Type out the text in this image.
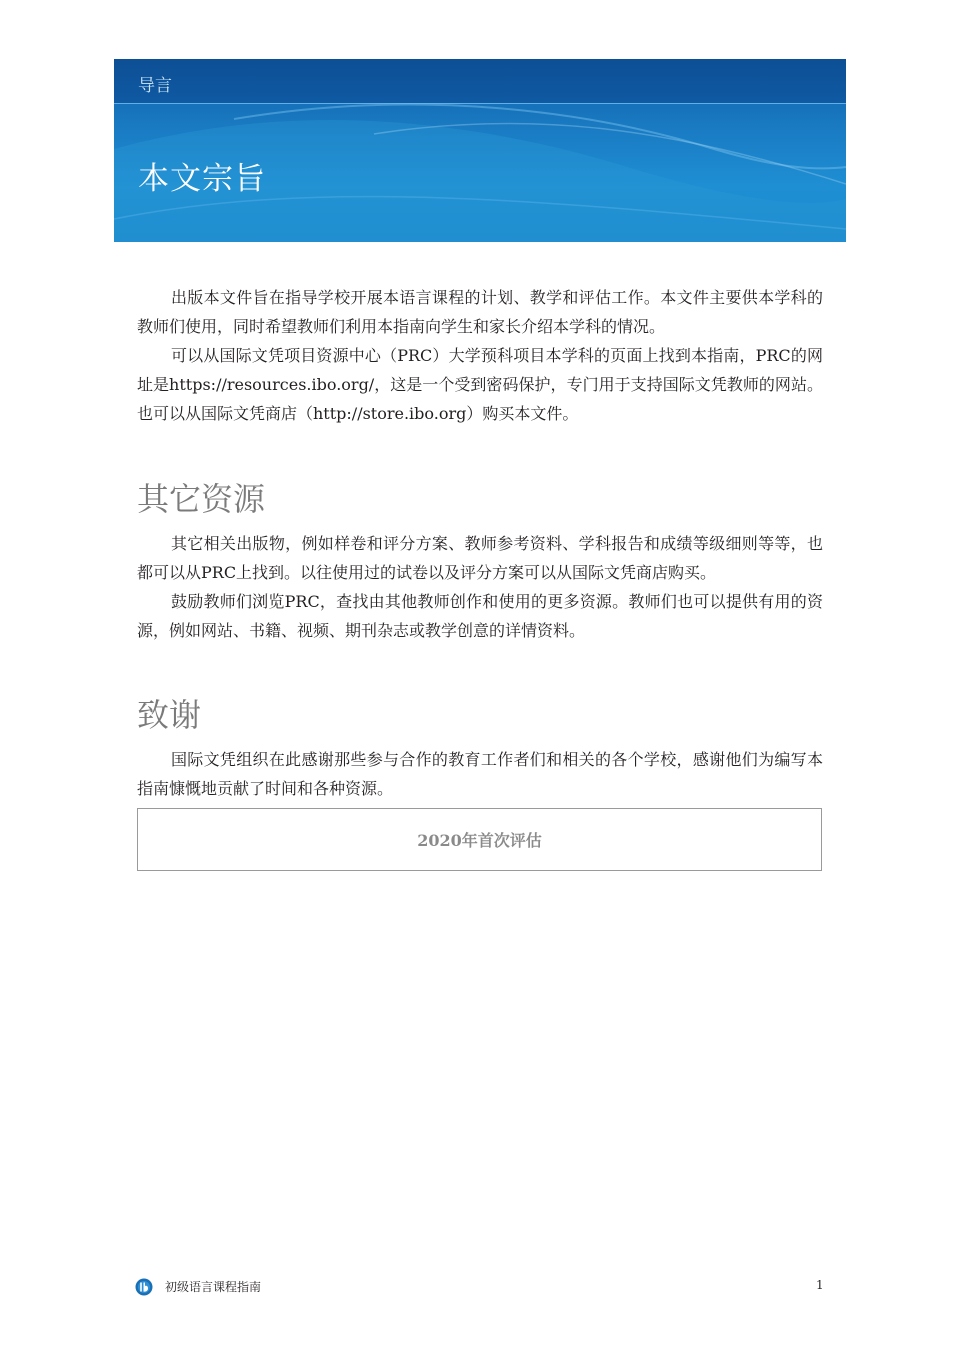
导言
本文宗旨

出版本文件旨在指导学校开展本语言课程的计划、教学和评估工作。本文件主要供本学科的教师们使用，同时希望教师们利用本指南向学生和家长介绍本学科的情况。

可以从国际文凭项目资源中心（PRC）大学预科项目本学科的页面上找到本指南，PRC的网址是https://resources.ibo.org/，这是一个受到密码保护，专门用于支持国际文凭教师的网站。也可以从国际文凭商店（http://store.ibo.org）购买本文件。

其它资源

其它相关出版物，例如样卷和评分方案、教师参考资料、学科报告和成绩等级细则等等，也都可以从PRC上找到。以往使用过的试卷以及评分方案可以从国际文凭商店购买。

鼓励教师们浏览PRC，查找由其他教师创作和使用的更多资源。教师们也可以提供有用的资源，例如网站、书籍、视频、期刊杂志或教学创意的详情资料。

致谢

国际文凭组织在此感谢那些参与合作的教育工作者们和相关的各个学校，感谢他们为编写本指南慷慨地贡献了时间和各种资源。

2020年首次评估
初级语言课程指南	1
